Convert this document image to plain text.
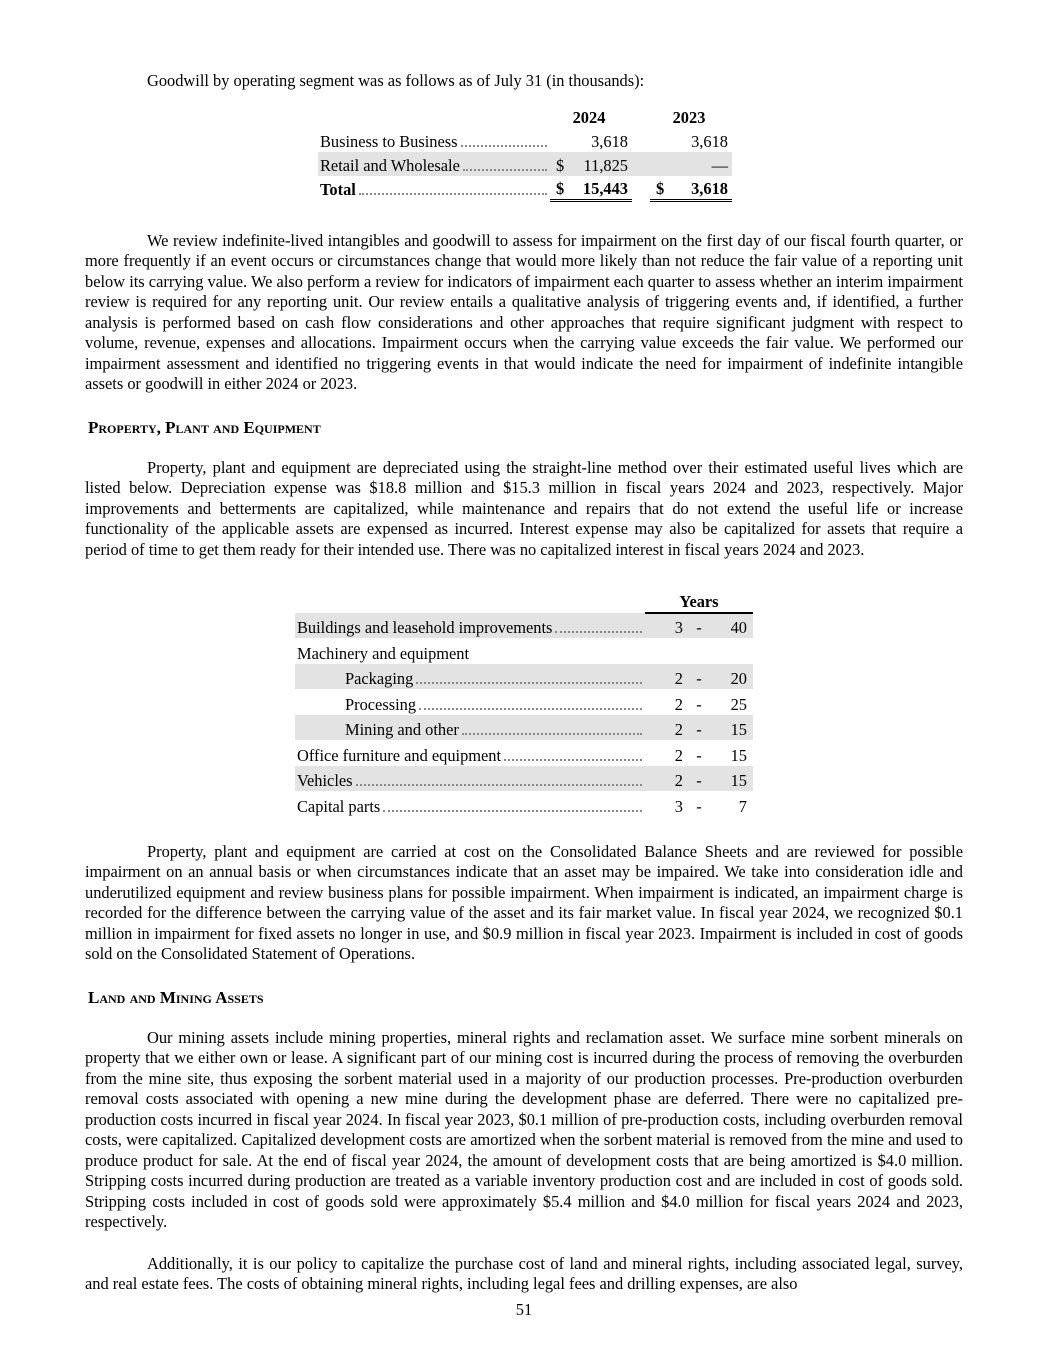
Goodwill by operating segment was as follows as of July 31 (in thousands):

	2024			2023	

Business to Business		3,618			3,618

Retail and Wholesale	$	11,825			—

Total	$	15,443		$	3,618

We review indefinite-lived intangibles and goodwill to assess for impairment on the first day of our fiscal fourth quarter, or more frequently if an event occurs or circumstances change that would more likely than not reduce the fair value of a reporting unit below its carrying value. We also perform a review for indicators of impairment each quarter to assess whether an interim impairment review is required for any reporting unit. Our review entails a qualitative analysis of triggering events and, if identified, a further analysis is performed based on cash flow considerations and other approaches that require significant judgment with respect to volume, revenue, expenses and allocations. Impairment occurs when the carrying value exceeds the fair value. We performed our impairment assessment and identified no triggering events in that would indicate the need for impairment of indefinite intangible assets or goodwill in either 2024 or 2023.

Property, Plant and Equipment

Property, plant and equipment are depreciated using the straight-line method over their estimated useful lives which are listed below. Depreciation expense was $18.8 million and $15.3 million in fiscal years 2024 and 2023, respectively. Major improvements and betterments are capitalized, while maintenance and repairs that do not extend the useful life or increase functionality of the applicable assets are expensed as incurred. Interest expense may also be capitalized for assets that require a period of time to get them ready for their intended use. There was no capitalized interest in fiscal years 2024 and 2023.

	Years		

Buildings and leasehold improvements	3	-	40

Machinery and equipment			

Packaging	2	-	20

Processing	2	-	25

Mining and other	2	-	15

Office furniture and equipment	2	-	15

Vehicles	2	-	15

Capital parts	3	-	7

Property, plant and equipment are carried at cost on the Consolidated Balance Sheets and are reviewed for possible impairment on an annual basis or when circumstances indicate that an asset may be impaired. We take into consideration idle and underutilized equipment and review business plans for possible impairment. When impairment is indicated, an impairment charge is recorded for the difference between the carrying value of the asset and its fair market value. In fiscal year 2024, we recognized $0.1 million in impairment for fixed assets no longer in use, and $0.9 million in fiscal year 2023. Impairment is included in cost of goods sold on the Consolidated Statement of Operations.

Land and Mining Assets

Our mining assets include mining properties, mineral rights and reclamation asset. We surface mine sorbent minerals on property that we either own or lease. A significant part of our mining cost is incurred during the process of removing the overburden from the mine site, thus exposing the sorbent material used in a majority of our production processes. Pre-production overburden removal costs associated with opening a new mine during the development phase are deferred. There were no capitalized pre-production costs incurred in fiscal year 2024. In fiscal year 2023, $0.1 million of pre-production costs, including overburden removal costs, were capitalized. Capitalized development costs are amortized when the sorbent material is removed from the mine and used to produce product for sale. At the end of fiscal year 2024, the amount of development costs that are being amortized is $4.0 million. Stripping costs incurred during production are treated as a variable inventory production cost and are included in cost of goods sold. Stripping costs included in cost of goods sold were approximately $5.4 million and $4.0 million for fiscal years 2024 and 2023, respectively.

Additionally, it is our policy to capitalize the purchase cost of land and mineral rights, including associated legal, survey, and real estate fees. The costs of obtaining mineral rights, including legal fees and drilling expenses, are also

51
